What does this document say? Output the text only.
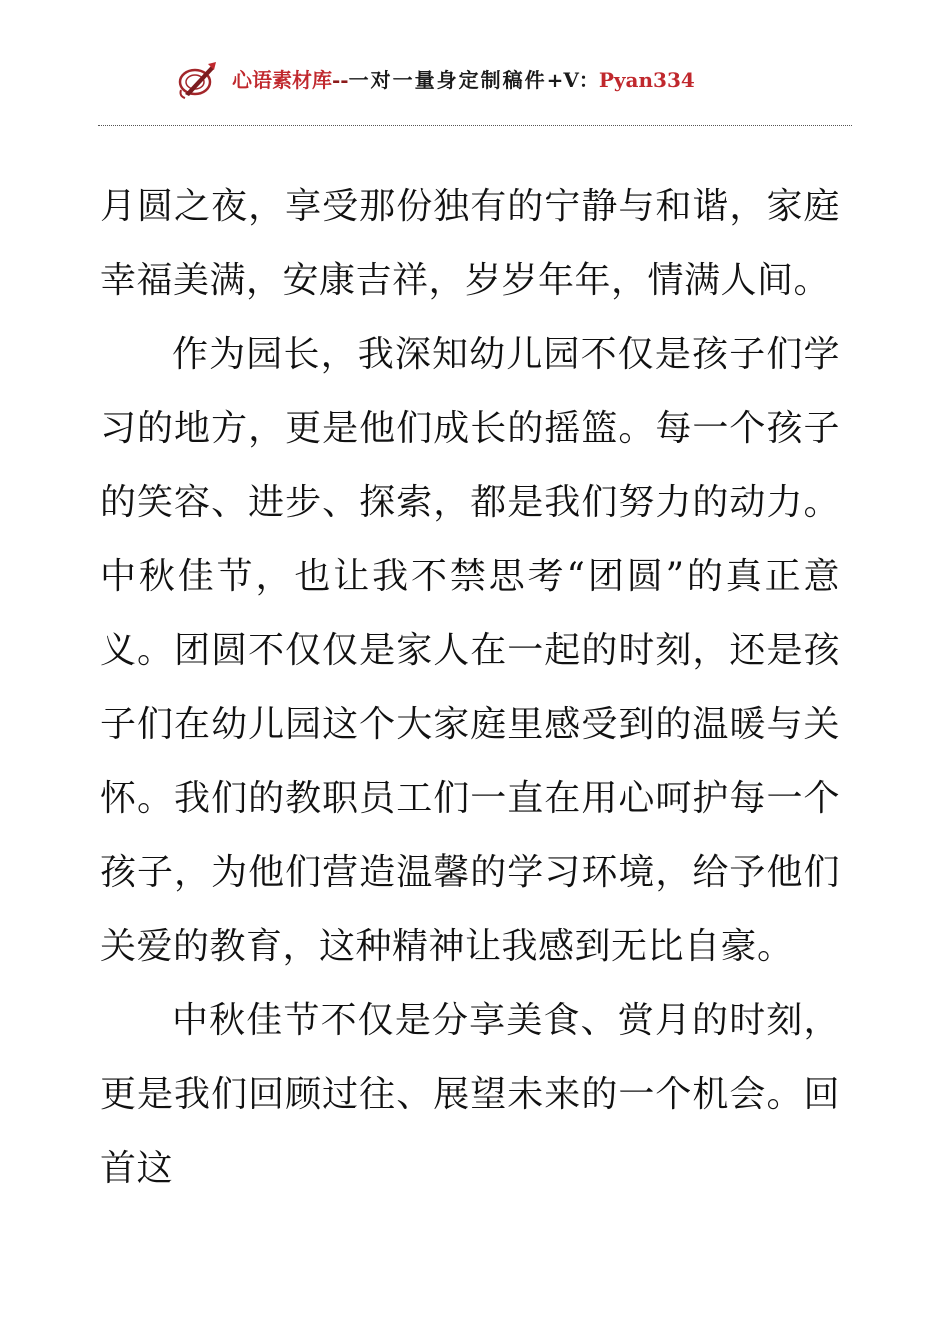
心语素材库--一对一量身定制稿件+V：Pyan334

月圆之夜，享受那份独有的宁静与和谐，家庭幸福美满，安康吉祥，岁岁年年，情满人间。

作为园长，我深知幼儿园不仅是孩子们学习的地方，更是他们成长的摇篮。每一个孩子的笑容、进步、探索，都是我们努力的动力。中秋佳节，也让我不禁思考“团圆”的真正意义。团圆不仅仅是家人在一起的时刻，还是孩子们在幼儿园这个大家庭里感受到的温暖与关怀。我们的教职员工们一直在用心呵护每一个孩子，为他们营造温馨的学习环境，给予他们关爱的教育，这种精神让我感到无比自豪。

中秋佳节不仅是分享美食、赏月的时刻，更是我们回顾过往、展望未来的一个机会。回首这
